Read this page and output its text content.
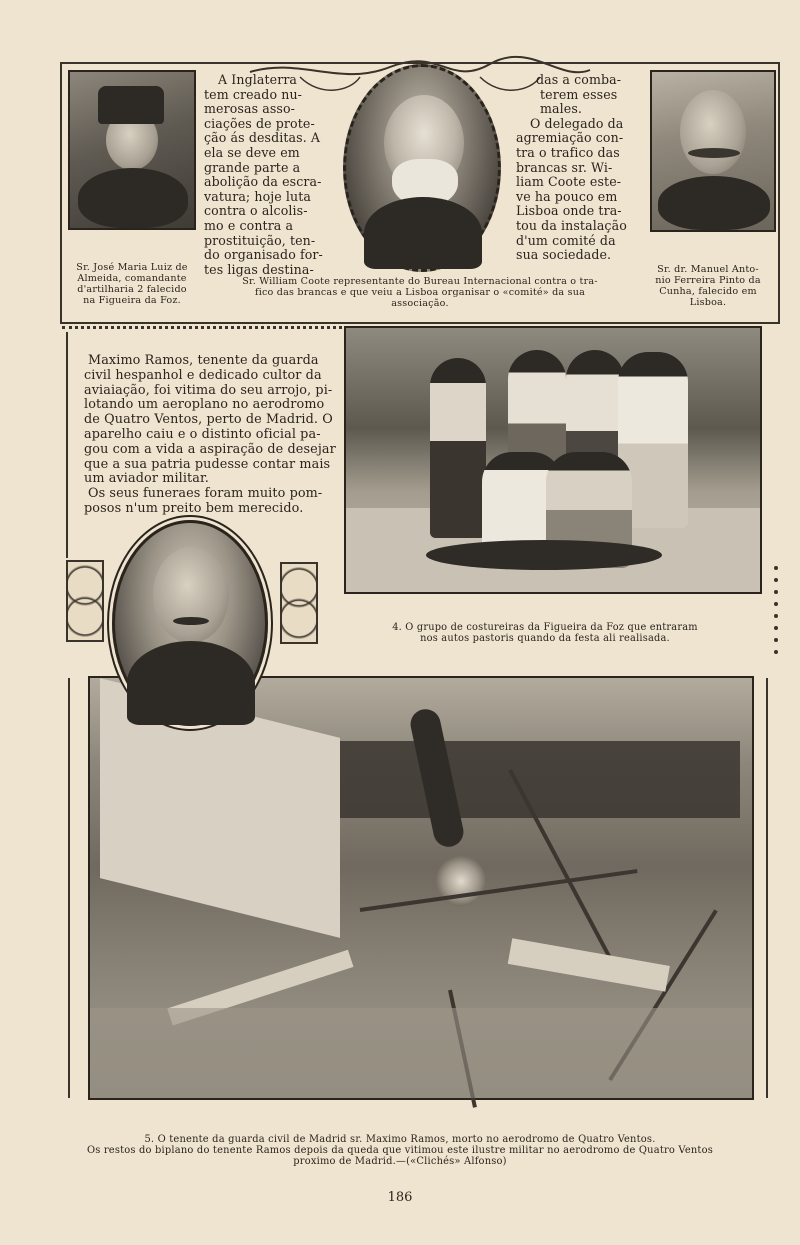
Sr. José Maria Luiz de
Almeida, comandante
d'artilharia 2 falecido
na Figueira da Foz.
A Inglaterra
tem creado nu-
merosas asso-
ciações de prote-
ção ás desditas. A
ela se deve em
grande parte a
abolição da escra-
vatura; hoje luta
contra o alcolis-
mo e contra a
prostituição, ten-
do organisado for-
tes ligas destina-
Sr. William Coote representante do Bureau Internacional contra o tra-
fico das brancas e que veiu a Lisboa organisar o «comité» da sua
associação.
das a comba-
terem esses
males.
O delegado da
agremiação con-
tra o trafico das
brancas sr. Wi-
liam Coote este-
ve ha pouco em
Lisboa onde tra-
tou da instalação
d'um comité da
sua sociedade.
Sr. dr. Manuel Anto-
nio Ferreira Pinto da
Cunha, falecido em
Lisboa.
Maximo Ramos, tenente da guarda
civil hespanhol e dedicado cultor da
aviaiação, foi vitima do seu arrojo, pi-
lotando um aeroplano no aerodromo
de Quatro Ventos, perto de Madrid. O
aparelho caiu e o distinto oficial pa-
gou com a vida a aspiração de desejar
que a sua patria pudesse contar mais
um aviador militar.
Os seus funeraes foram muito pom-
posos n'um preito bem merecido.
4. O grupo de costureiras da Figueira da Foz que entraram
nos autos pastoris quando da festa ali realisada.
5. O tenente da guarda civil de Madrid sr. Maximo Ramos, morto no aerodromo de Quatro Ventos.
Os restos do biplano do tenente Ramos depois da queda que vitimou este ilustre militar no aerodromo de Quatro Ventos
proximo de Madrid.—(«Clichés» Alfonso)
186
